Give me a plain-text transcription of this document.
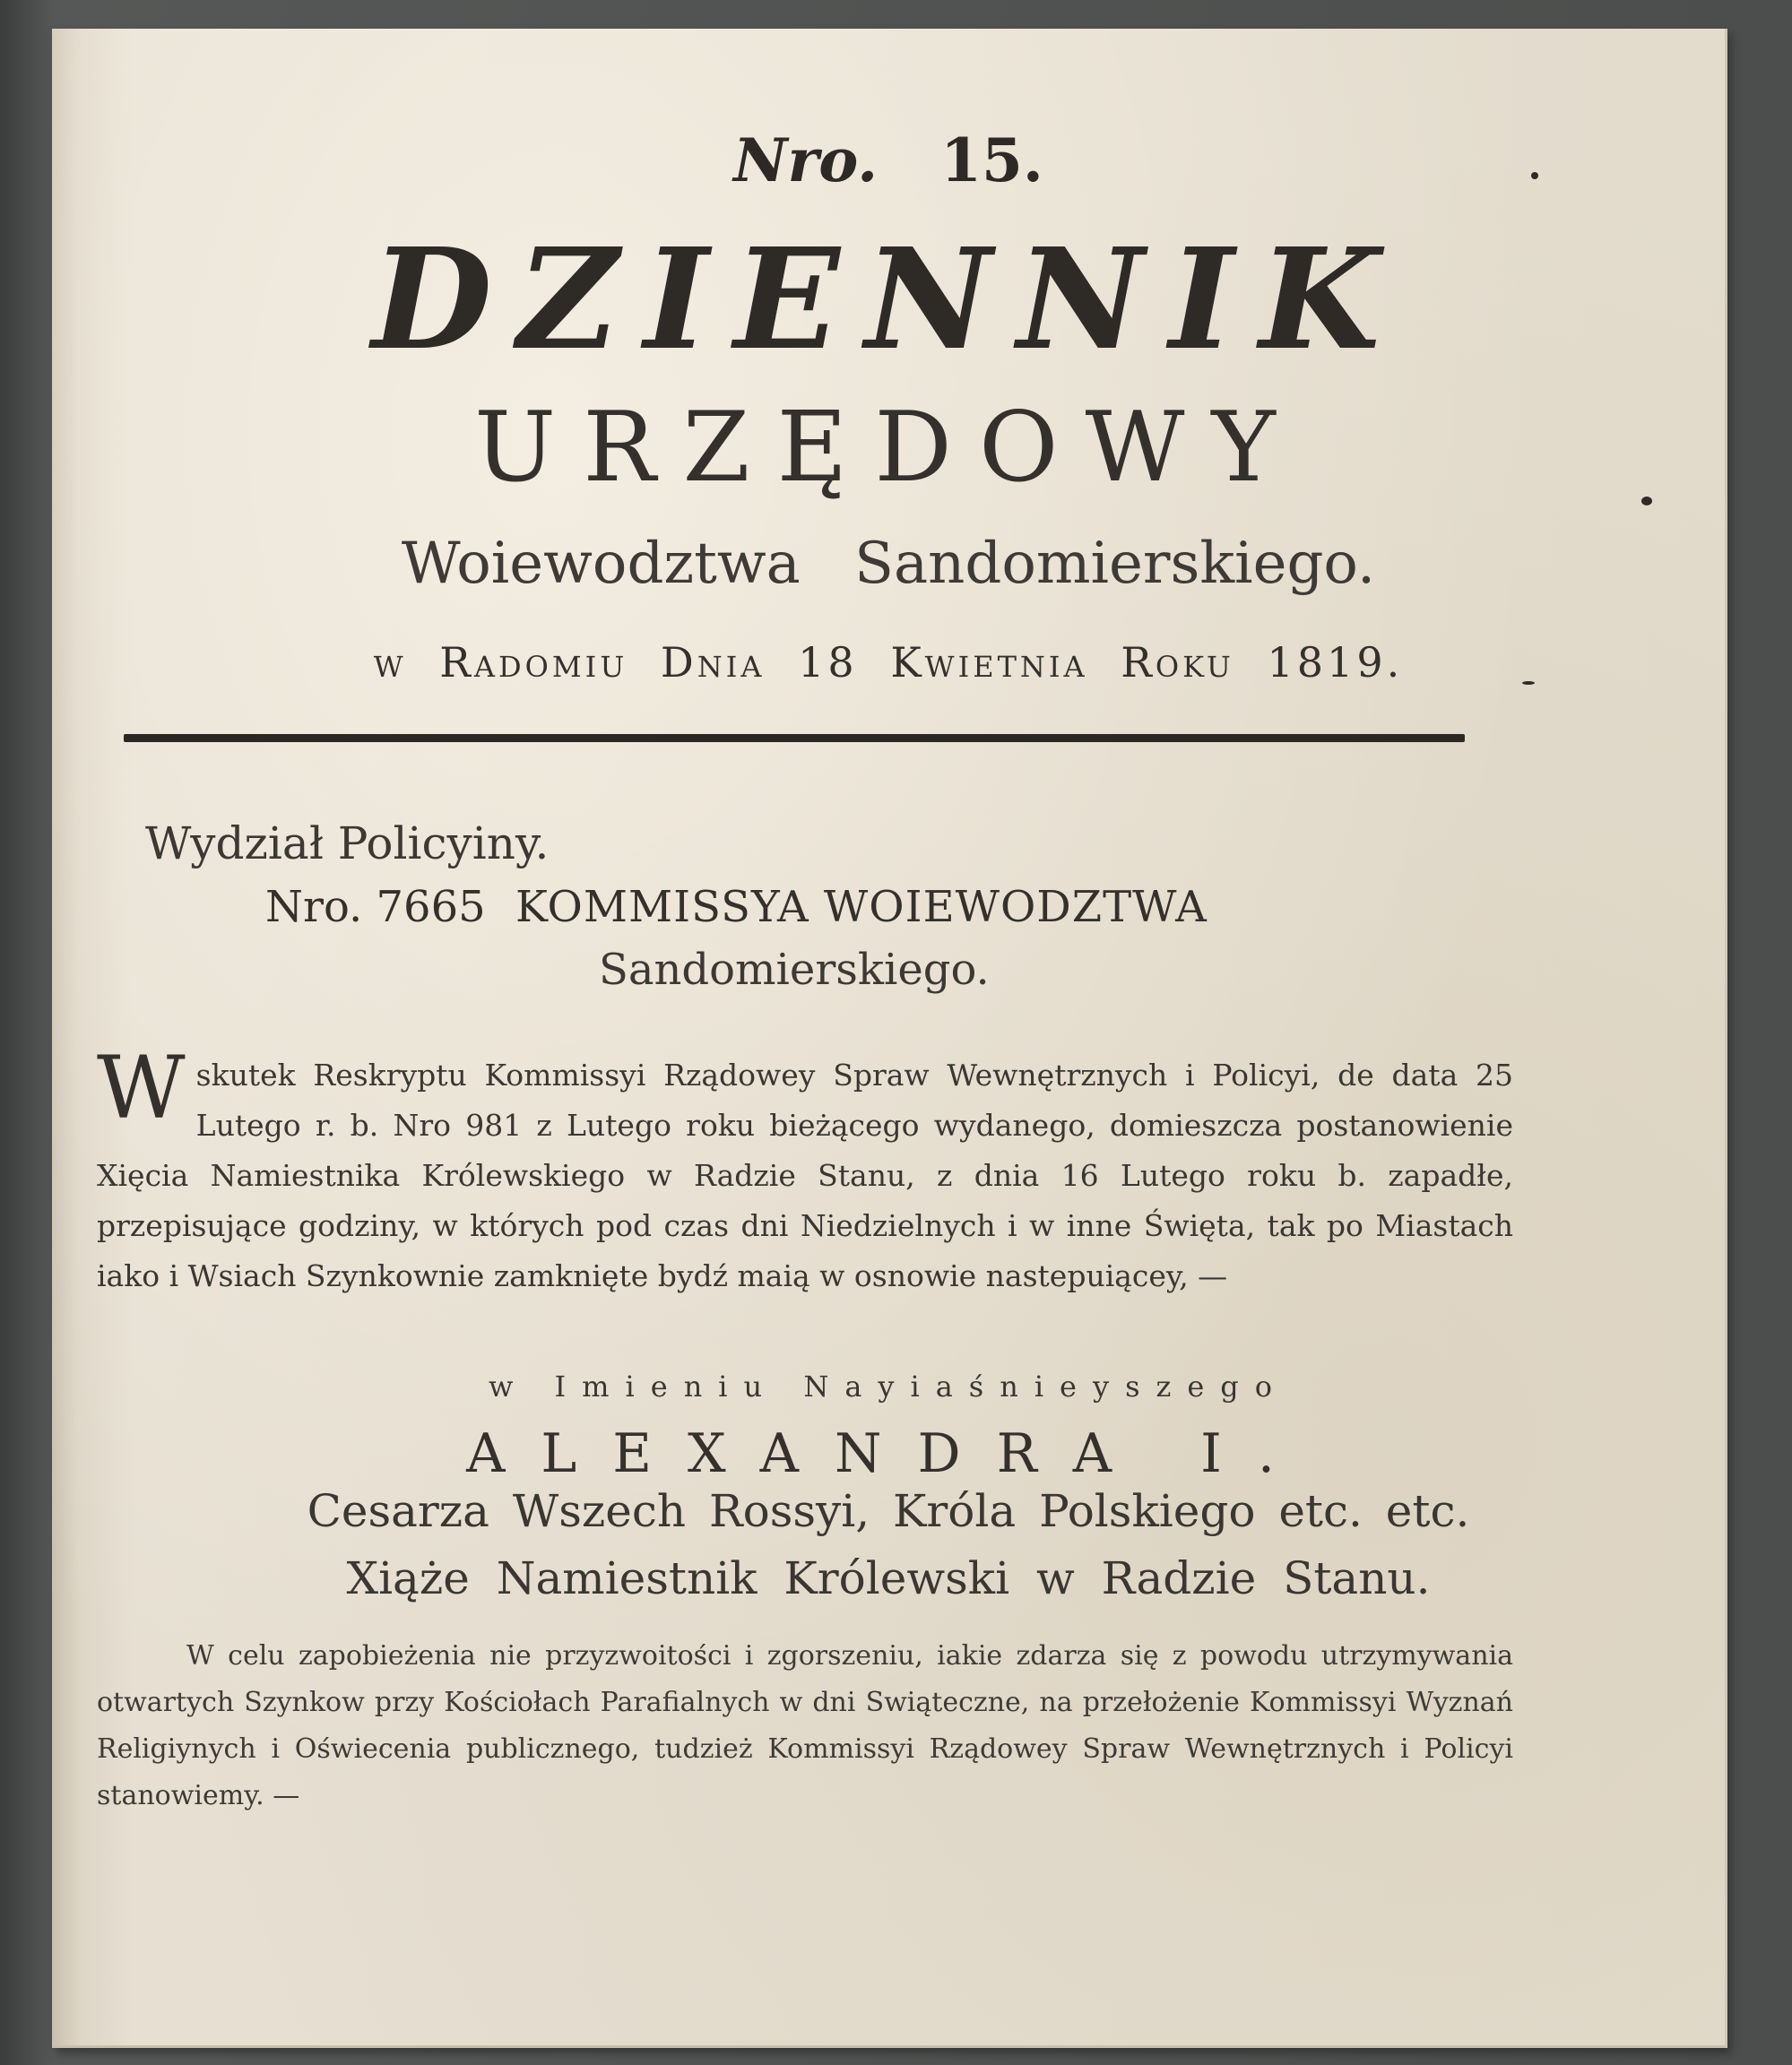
Nro. 15.
DZIENNIK
URZĘDOWY
Woiewodztwa Sandomierskiego.
w Radomiu Dnia 18 Kwietnia Roku 1819.
Wydział Policyiny.
Nro. 7665 KOMMISSYA WOIEWODZTWA
Sandomierskiego.
W skutek Reskryptu Kommissyi Rządowey Spraw Wewnętrznych i Policyi, de data 25 Lutego r. b. Nro 981 z Lutego roku bieżącego wydanego, domieszcza postanowienie Xięcia Namiestnika Królewskiego w Radzie Stanu, z dnia 16 Lutego roku b. zapadłe, przepisujące godziny, w których pod czas dni Niedzielnych i w inne Święta, tak po Miastach iako i Wsiach Szynkownie zamknięte bydź maią w osnowie nastepuiącey, —
w Imieniu Nayiaśnieyszego
ALEXANDRA I.
Cesarza Wszech Rossyi, Króla Polskiego etc. etc.
Xiąże Namiestnik Królewski w Radzie Stanu.
W celu zapobieżenia nie przyzwoitości i zgorszeniu, iakie zdarza się z powodu utrzymywania otwartych Szynkow przy Kościołach Parafialnych w dni Swiąteczne, na przełożenie Kommissyi Wyznań Religiynych i Oświecenia publicznego, tudzież Kommissyi Rządowey Spraw Wewnętrznych i Policyi stanowiemy. —
